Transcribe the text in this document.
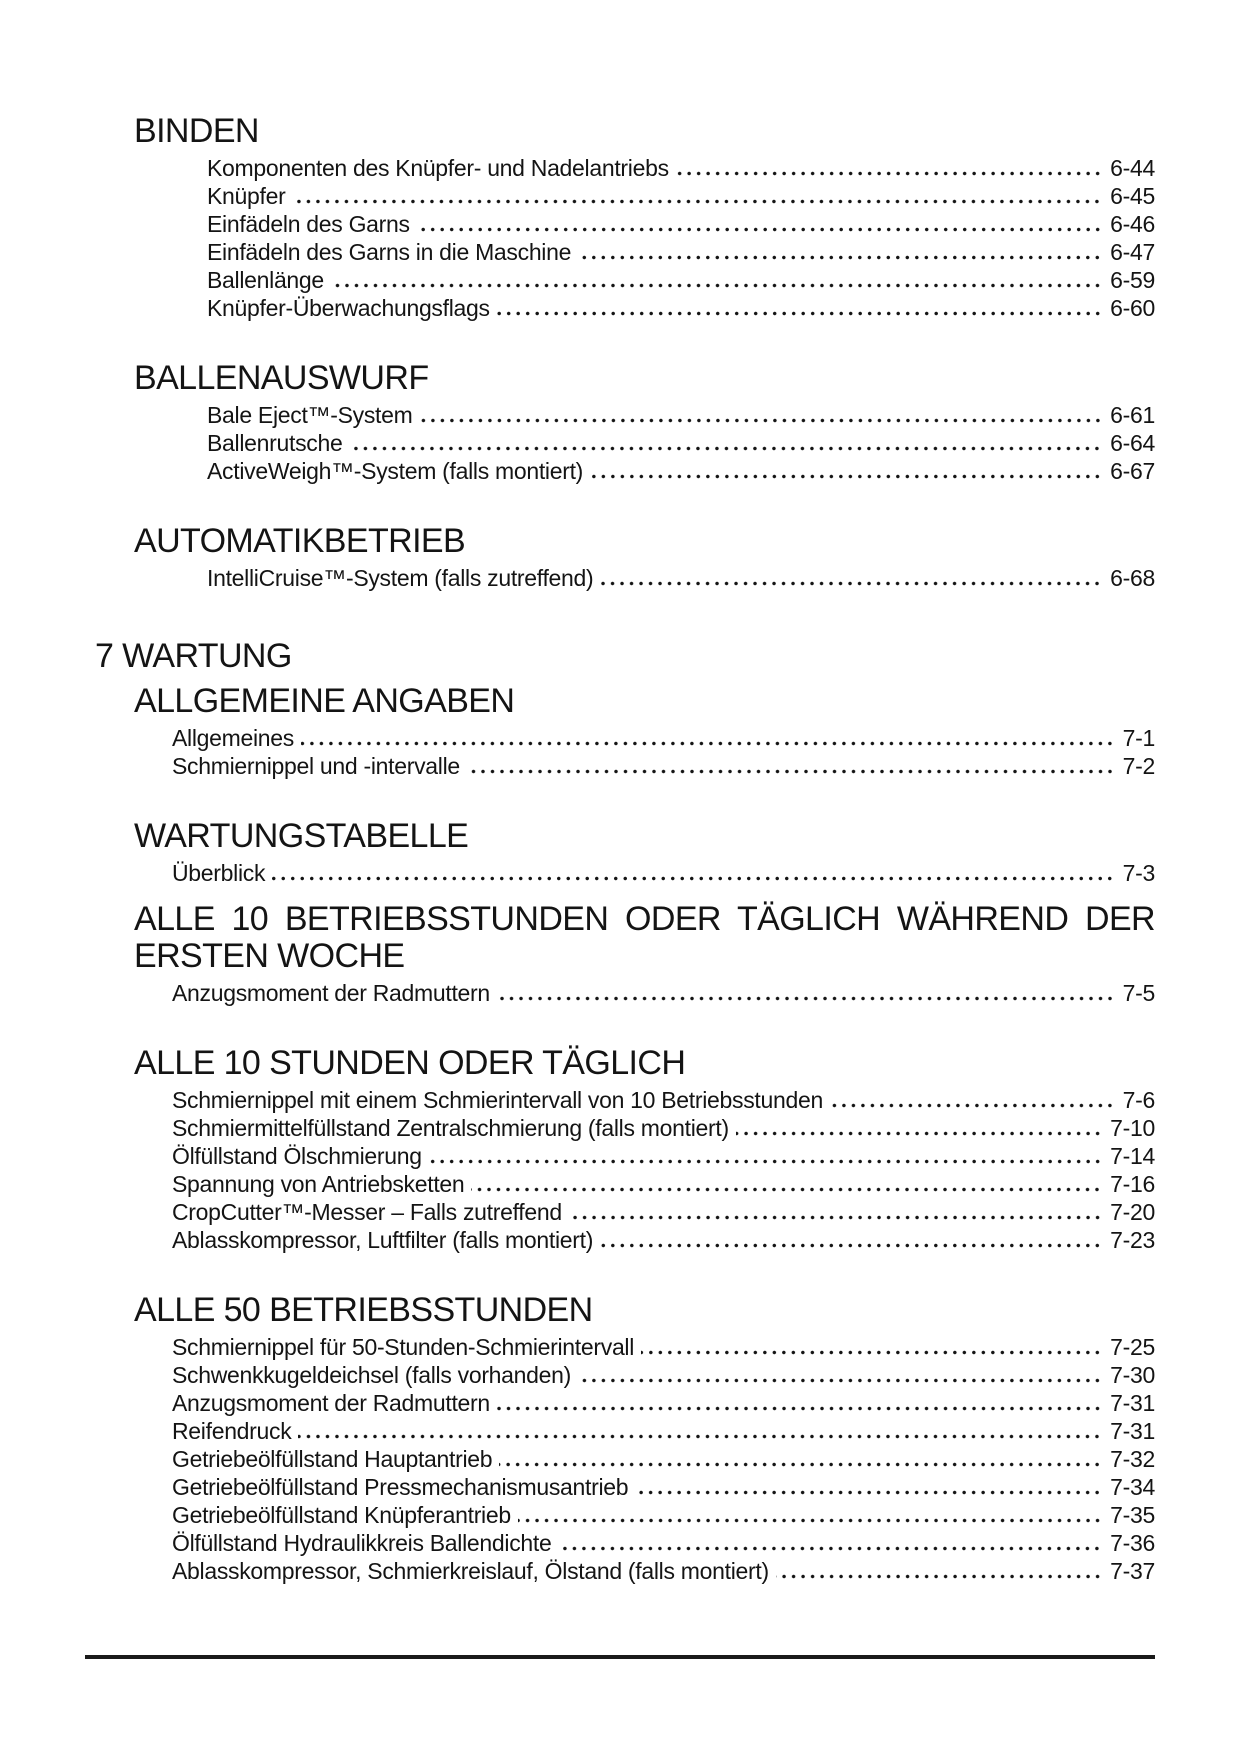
BINDEN
Komponenten des Knüpfer- und Nadelantriebs	6-44
Knüpfer	6-45
Einfädeln des Garns	6-46
Einfädeln des Garns in die Maschine	6-47
Ballenlänge	6-59
Knüpfer-Überwachungsflags	6-60
BALLENAUSWURF
Bale Eject™-System	6-61
Ballenrutsche	6-64
ActiveWeigh™-System (falls montiert)	6-67
AUTOMATIKBETRIEB
IntelliCruise™-System (falls zutreffend)	6-68
7 WARTUNG
ALLGEMEINE ANGABEN
Allgemeines	7-1
Schmiernippel und -intervalle	7-2
WARTUNGSTABELLE
Überblick	7-3
ALLE 10 BETRIEBSSTUNDEN ODER TÄGLICH WÄHREND DER
ERSTEN WOCHE
Anzugsmoment der Radmuttern	7-5
ALLE 10 STUNDEN ODER TÄGLICH
Schmiernippel mit einem Schmierintervall von 10 Betriebsstunden	7-6
Schmiermittelfüllstand Zentralschmierung (falls montiert)	7-10
Ölfüllstand Ölschmierung	7-14
Spannung von Antriebsketten	7-16
CropCutter™-Messer – Falls zutreffend	7-20
Ablasskompressor, Luftfilter (falls montiert)	7-23
ALLE 50 BETRIEBSSTUNDEN
Schmiernippel für 50-Stunden-Schmierintervall	7-25
Schwenkkugeldeichsel (falls vorhanden)	7-30
Anzugsmoment der Radmuttern	7-31
Reifendruck	7-31
Getriebeölfüllstand Hauptantrieb	7-32
Getriebeölfüllstand Pressmechanismusantrieb	7-34
Getriebeölfüllstand Knüpferantrieb	7-35
Ölfüllstand Hydraulikkreis Ballendichte	7-36
Ablasskompressor, Schmierkreislauf, Ölstand (falls montiert)	7-37
